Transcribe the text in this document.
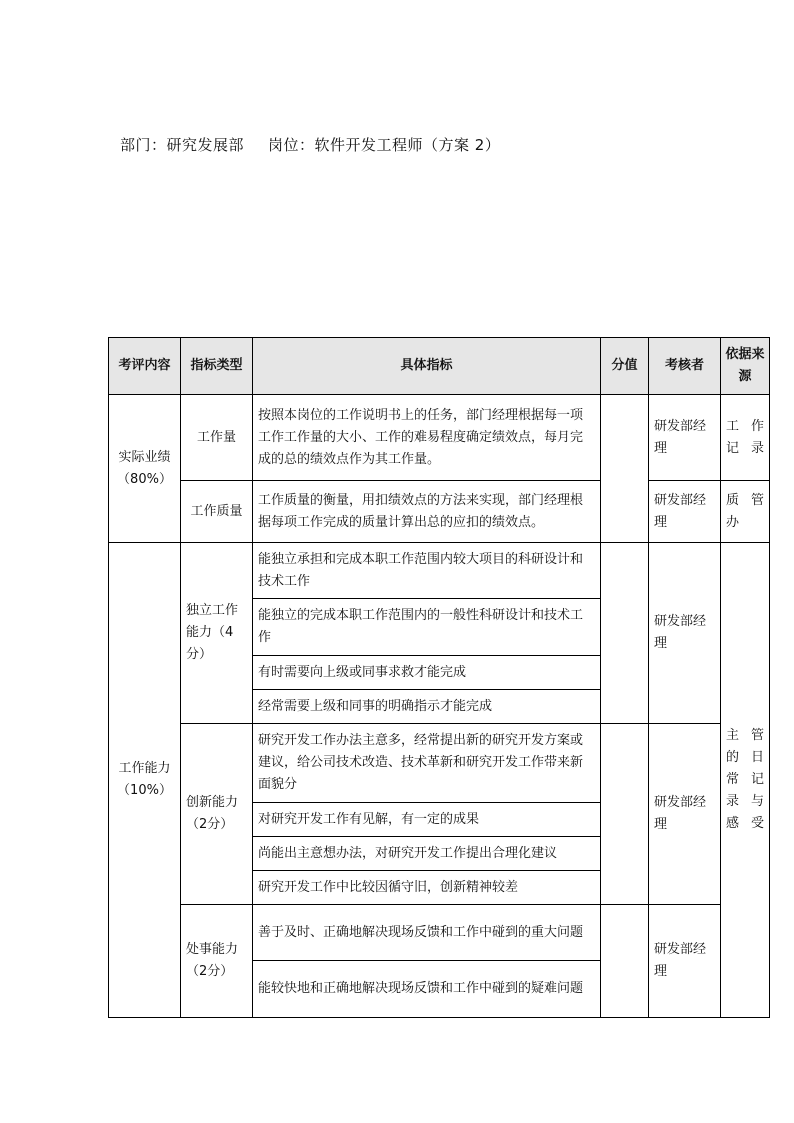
部门：研究发展部 岗位：软件开发工程师（方案 2）
考评内容	指标类型	具体指标	分值	考核者	依据来源

实际业绩
（80%）	工作量	按照本岗位的工作说明书上的任务，部门经理根据每一项工作工作量的大小、工作的难易程度确定绩效点，每月完成的总的绩效点作为其工作量。		研发部经理	工 作 记录
	工作质量	工作质量的衡量，用扣绩效点的方法来实现，部门经理根据每项工作完成的质量计算出总的应扣的绩效点。		研发部经理	质 管 办

工作能力
（10%）	独立工作能力（4 分）	能独立承担和完成本职工作范围内较大项目的科研设计和技术工作		研发部经理	主 管 的 日 常 记 录 与 感受
		能独立的完成本职工作范围内的一般性科研设计和技术工作			
		有时需要向上级或同事求救才能完成			
		经常需要上级和同事的明确指示才能完成			
	创新能力（2分）	研究开发工作办法主意多，经常提出新的研究开发方案或建议，给公司技术改造、技术革新和研究开发工作带来新面貌分		研发部经理	
		对研究开发工作有见解，有一定的成果			
		尚能出主意想办法，对研究开发工作提出合理化建议			
		研究开发工作中比较因循守旧，创新精神较差			
	处事能力（2分）	善于及时、正确地解决现场反馈和工作中碰到的重大问题		研发部经理	
		能较快地和正确地解决现场反馈和工作中碰到的疑难问题			
